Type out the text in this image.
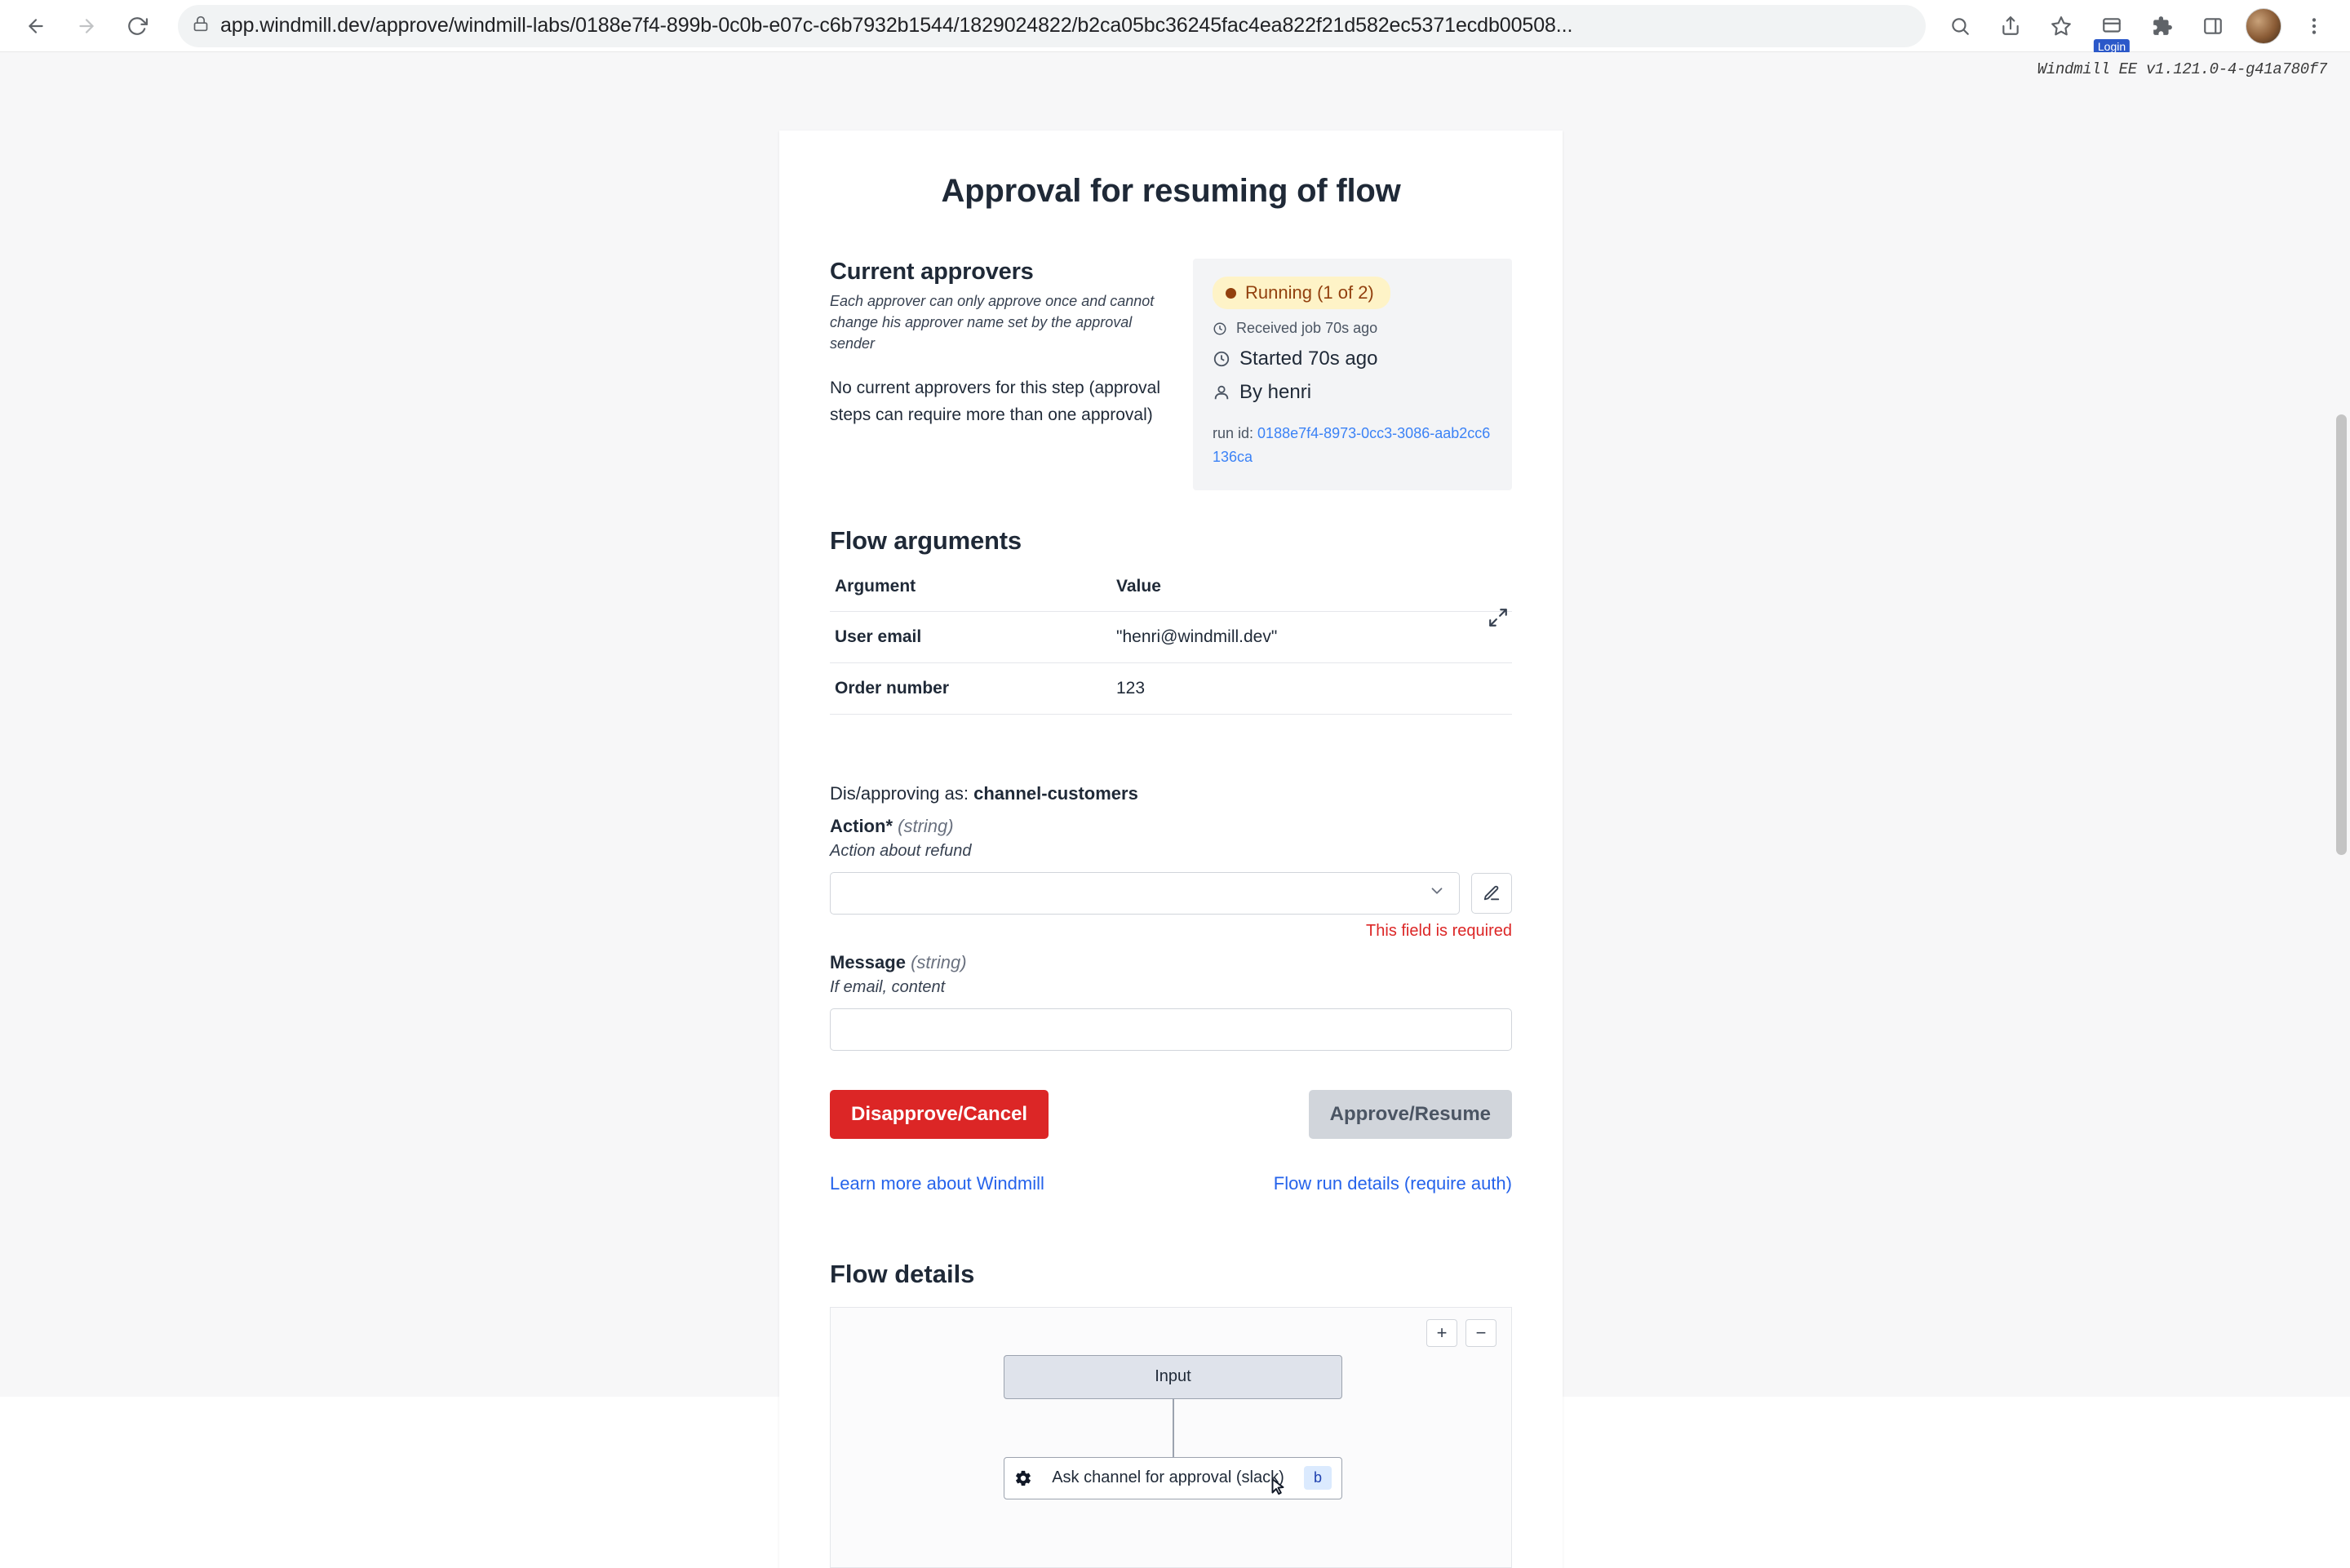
app.windmill.dev/approve/windmill-labs/0188e7f4-899b-0c0b-e07c-c6b7932b1544/1829024822/b2ca05bc36245fac4ea822f21d582ec5371ecdb00508...
Login
Windmill EE v1.121.0-4-g41a780f7
Approval for resuming of flow
Current approvers

Each approver can only approve once and cannot change his approver name set by the approval sender

No current approvers for this step (approval steps can require more than one approval)

Running (1 of 2)
Received job 70s ago
Started 70s ago
By henri
run id: 0188e7f4-8973-0cc3-3086-aab2cc6136ca
Flow arguments
Argument	Value
User email	"henri@windmill.dev"
Order number	123
Dis/approving as: channel-customers
Action* (string)
Action about refund
This field is required
Message (string)
If email, content
Disapprove/Cancel	Approve/Resume
Learn more about Windmill	Flow run details (require auth)
Flow details
+	−
Input
Ask channel for approval (slack)	b
